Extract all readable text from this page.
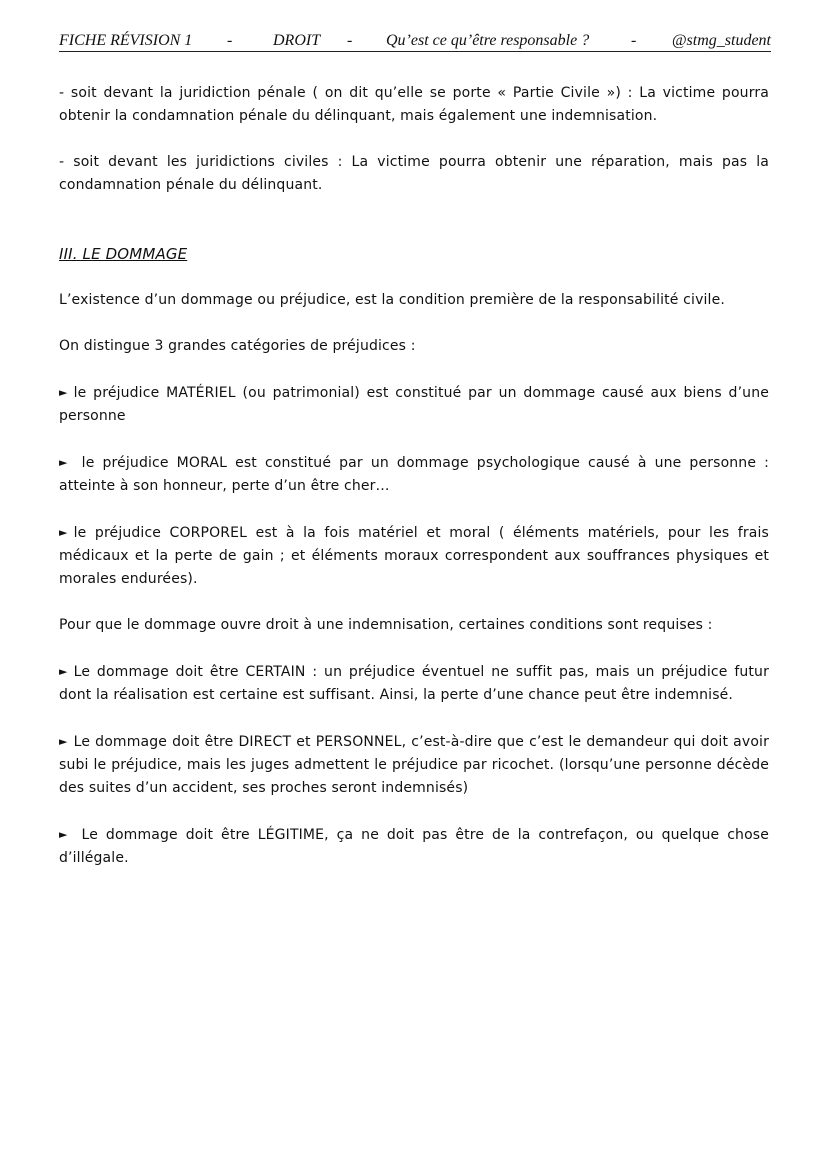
FICHE RÉVISION 1 -	DROIT - Qu’est ce qu’être responsable ?	- @stmg_student

- soit devant la juridiction pénale ( on dit qu’elle se porte « Partie Civile ») : La victime pourra obtenir la condamnation pénale du délinquant, mais également une indemnisation.

- soit devant les juridictions civiles : La victime pourra obtenir une réparation, mais pas la condamnation pénale du délinquant.

III. LE DOMMAGE

L’existence d’un dommage ou préjudice, est la condition première de la responsabilité civile.

On distingue 3 grandes catégories de préjudices :

► le préjudice MATÉRIEL (ou patrimonial) est constitué par un dommage causé aux biens d’une personne

► le préjudice MORAL est constitué par un dommage psychologique causé à une personne : atteinte à son honneur, perte d’un être cher…

► le préjudice CORPOREL est à la fois matériel et moral ( éléments matériels, pour les frais médicaux et la perte de gain ; et éléments moraux correspondent aux souffrances physiques et morales endurées).

Pour que le dommage ouvre droit à une indemnisation, certaines conditions sont requises :

► Le dommage doit être CERTAIN : un préjudice éventuel ne suffit pas, mais un préjudice futur dont la réalisation est certaine est suffisant. Ainsi, la perte d’une chance peut être indemnisé.

► Le dommage doit être DIRECT et PERSONNEL, c’est-à-dire que c’est le demandeur qui doit avoir subi le préjudice, mais les juges admettent le préjudice par ricochet. (lorsqu’une personne décède des suites d’un accident, ses proches seront indemnisés)

► Le dommage doit être LÉGITIME, ça ne doit pas être de la contrefaçon, ou quelque chose d’illégale.
